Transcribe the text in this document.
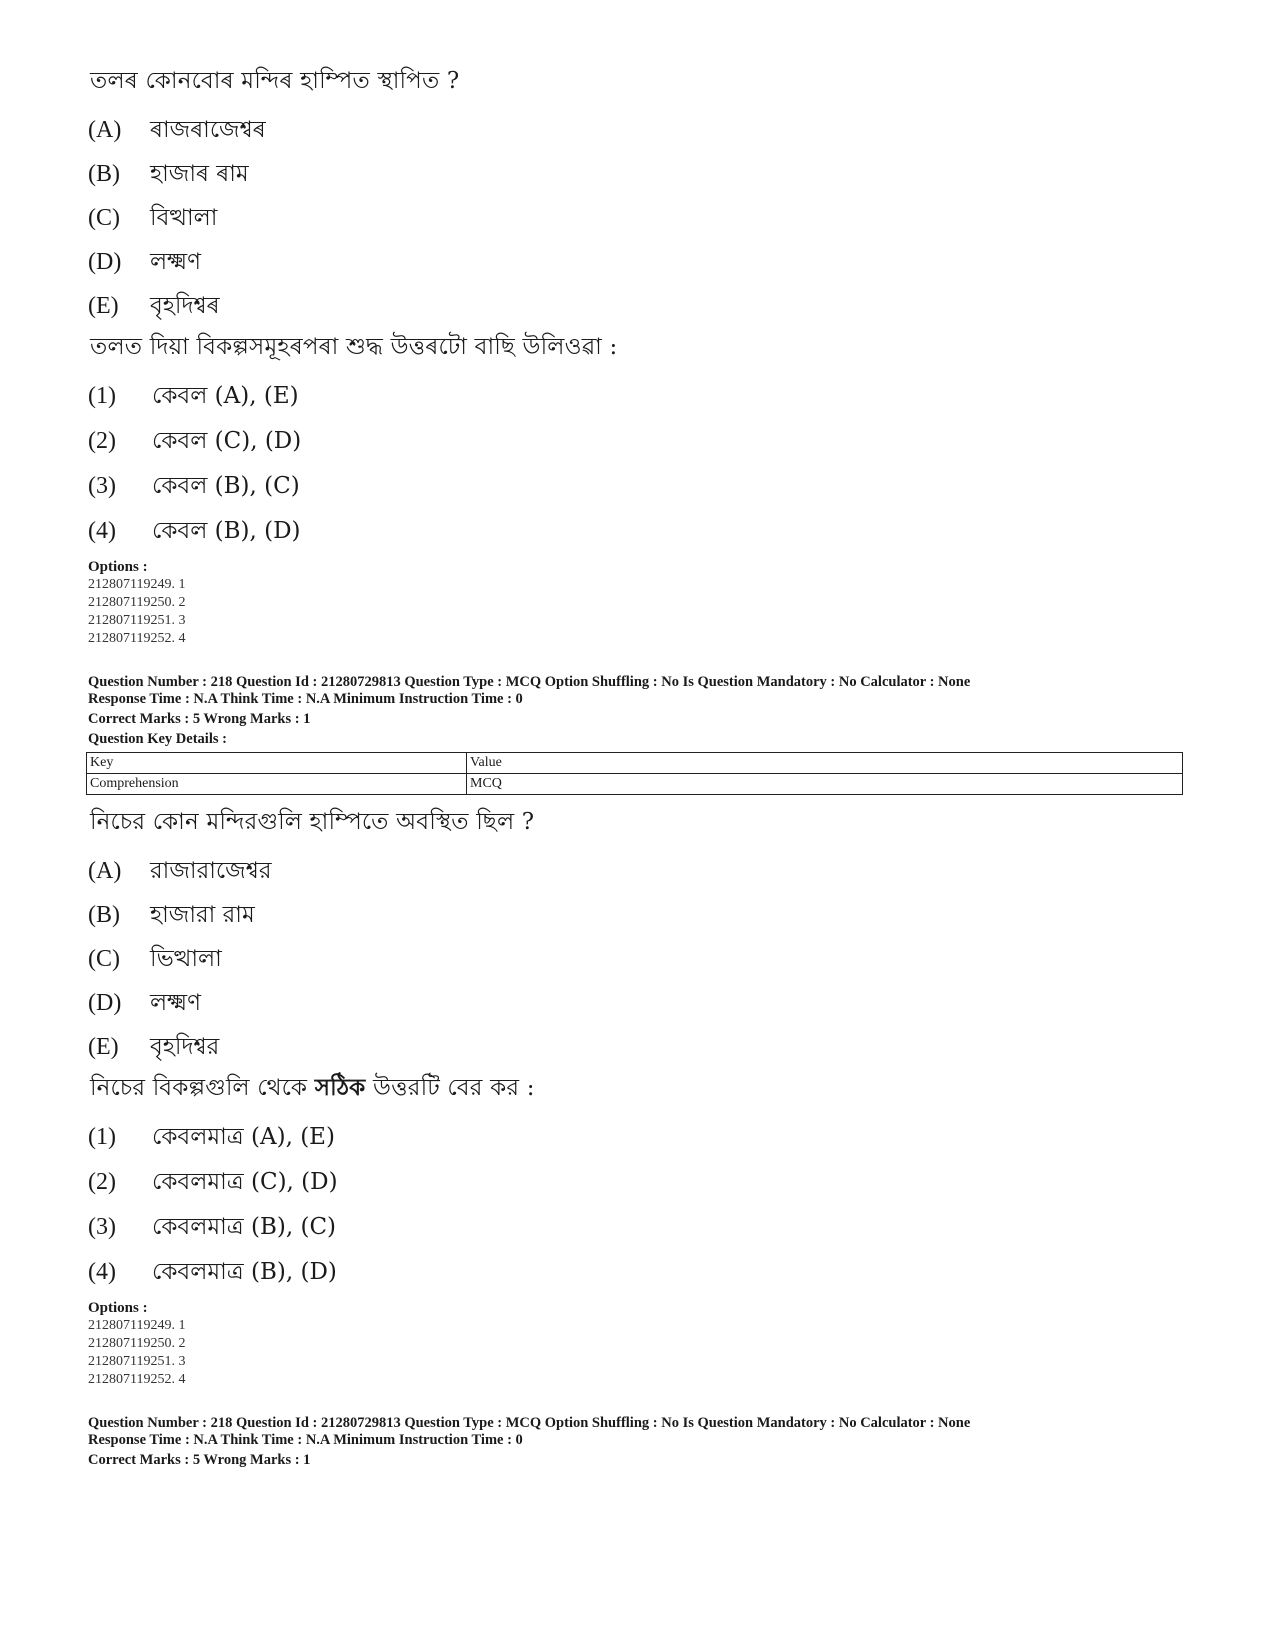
তলৰ কোনবোৰ মন্দিৰ হাম্পিত স্থাপিত ?
(A)	ৰাজৰাজেশ্বৰ
(B)	হাজাৰ ৰাম
(C)	বিত্থালা
(D)	লক্ষ্মণ
(E)	বৃহদিশ্বৰ
তলত দিয়া বিকল্পসমূহৰপৰা শুদ্ধ উত্তৰটো বাছি উলিওৱা :
(1)	কেবল (A), (E)
(2)	কেবল (C), (D)
(3)	কেবল (B), (C)
(4)	কেবল (B), (D)
Options :
212807119249. 1
212807119250. 2
212807119251. 3
212807119252. 4
Question Number : 218 Question Id : 21280729813 Question Type : MCQ Option Shuffling : No Is Question Mandatory : No Calculator : None
Response Time : N.A Think Time : N.A Minimum Instruction Time : 0
Correct Marks : 5 Wrong Marks : 1
Question Key Details :
Key	Value
Comprehension	MCQ
নিচের কোন মন্দিরগুলি হাম্পিতে অবস্থিত ছিল ?
(A)	রাজারাজেশ্বর
(B)	হাজারা রাম
(C)	ভিত্থালা
(D)	লক্ষ্মণ
(E)	বৃহদিশ্বর
নিচের বিকল্পগুলি থেকে সঠিক উত্তরটি বের কর :
(1)	কেবলমাত্র (A), (E)
(2)	কেবলমাত্র (C), (D)
(3)	কেবলমাত্র (B), (C)
(4)	কেবলমাত্র (B), (D)
Options :
212807119249. 1
212807119250. 2
212807119251. 3
212807119252. 4
Question Number : 218 Question Id : 21280729813 Question Type : MCQ Option Shuffling : No Is Question Mandatory : No Calculator : None
Response Time : N.A Think Time : N.A Minimum Instruction Time : 0
Correct Marks : 5 Wrong Marks : 1
